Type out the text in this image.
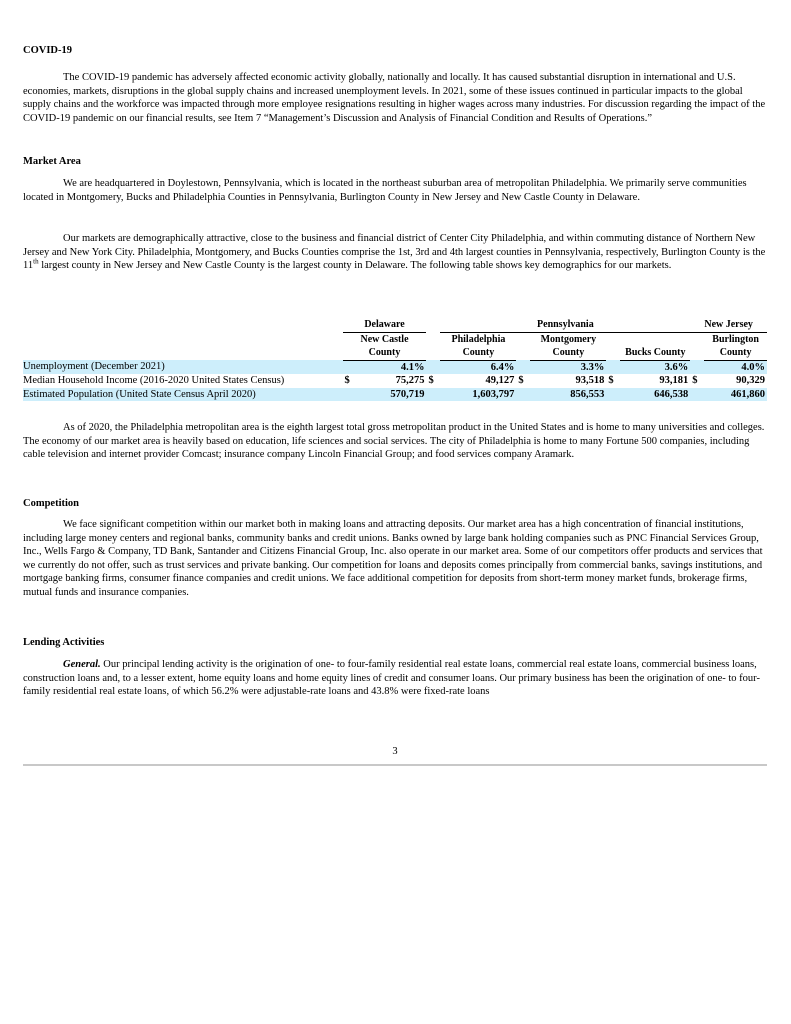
COVID-19

The COVID-19 pandemic has adversely affected economic activity globally, nationally and locally. It has caused substantial disruption in international and U.S. economies, markets, disruptions in the global supply chains and increased unemployment levels. In 2021, some of these issues continued in particular impacts to the global supply chains and the workforce was impacted through more employee resignations resulting in higher wages across many industries. For discussion regarding the impact of the COVID-19 pandemic on our financial results, see Item 7 “Management’s Discussion and Analysis of Financial Condition and Results of Operations.”

Market Area

We are headquartered in Doylestown, Pennsylvania, which is located in the northeast suburban area of metropolitan Philadelphia. We primarily serve communities located in Montgomery, Bucks and Philadelphia Counties in Pennsylvania, Burlington County in New Jersey and New Castle County in Delaware.

Our markets are demographically attractive, close to the business and financial district of Center City Philadelphia, and within commuting distance of Northern New Jersey and New York City. Philadelphia, Montgomery, and Bucks Counties comprise the 1st, 3rd and 4th largest counties in Pennsylvania, respectively, Burlington County is the 11th largest county in New Jersey and New Castle County is the largest county in Delaware. The following table shows key demographics for our markets.

	Delaware			Pennsylvania					New Jersey	
	New Castle County			Philadelphia County		Montgomery County		Bucks County		Burlington County
Unemployment (December 2021)		4.1%		6.4%		3.3%		3.6%		4.0%
Median Household Income (2016-2020 United States Census)	$	75,275	$	49,127	$	93,518	$	93,181	$	90,329
Estimated Population (United State Census April 2020)		570,719		1,603,797		856,553		646,538		461,860

As of 2020, the Philadelphia metropolitan area is the eighth largest total gross metropolitan product in the United States and is home to many universities and colleges. The economy of our market area is heavily based on education, life sciences and social services. The city of Philadelphia is home to many Fortune 500 companies, including cable television and internet provider Comcast; insurance company Lincoln Financial Group; and food services company Aramark.

Competition

We face significant competition within our market both in making loans and attracting deposits. Our market area has a high concentration of financial institutions, including large money centers and regional banks, community banks and credit unions. Banks owned by large bank holding companies such as PNC Financial Services Group, Inc., Wells Fargo & Company, TD Bank, Santander and Citizens Financial Group, Inc. also operate in our market area. Some of our competitors offer products and services that we currently do not offer, such as trust services and private banking. Our competition for loans and deposits comes principally from commercial banks, savings institutions, and mortgage banking firms, consumer finance companies and credit unions. We face additional competition for deposits from short-term money market funds, brokerage firms, mutual funds and insurance companies.

Lending Activities

General. Our principal lending activity is the origination of one- to four-family residential real estate loans, commercial real estate loans, commercial business loans, construction loans and, to a lesser extent, home equity loans and home equity lines of credit and consumer loans. Our primary business has been the origination of one- to four-family residential real estate loans, of which 56.2% were adjustable-rate loans and 43.8% were fixed-rate loans

3
